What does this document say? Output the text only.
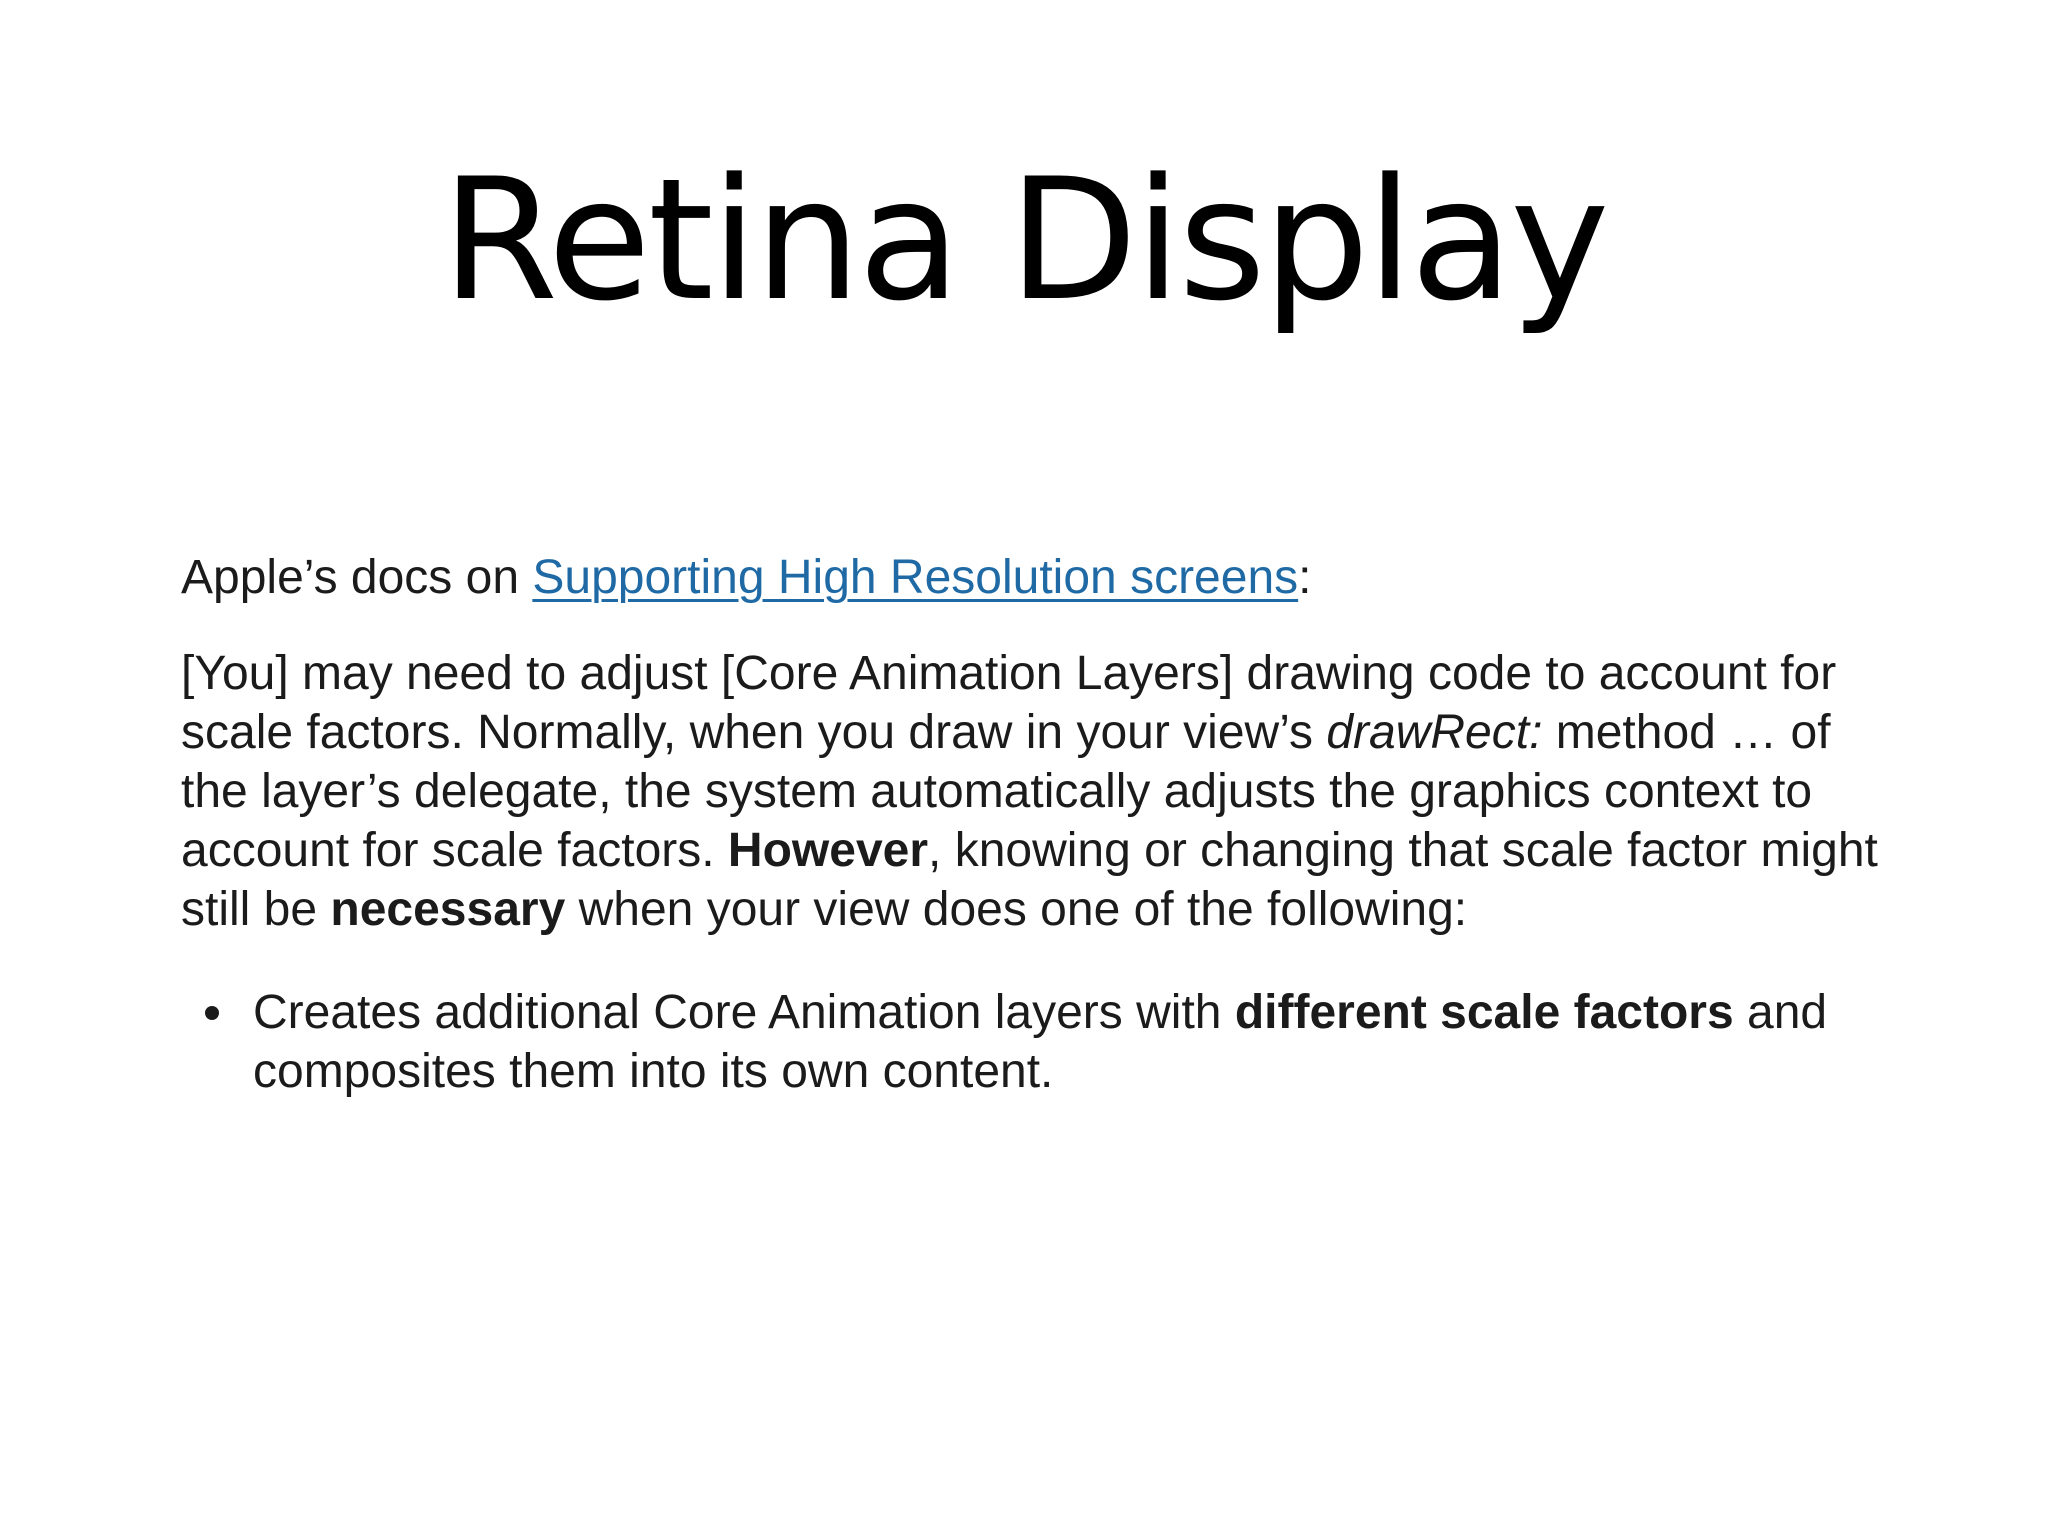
Retina Display

Apple’s docs on Supporting High Resolution screens:

[You] may need to adjust [Core Animation Layers] drawing code to account for scale factors. Normally, when you draw in your view’s drawRect: method … of the layer’s delegate, the system automatically adjusts the graphics context to account for scale factors. However, knowing or changing that scale factor might still be necessary when your view does one of the following:

Creates additional Core Animation layers with different scale factors and composites them into its own content.
